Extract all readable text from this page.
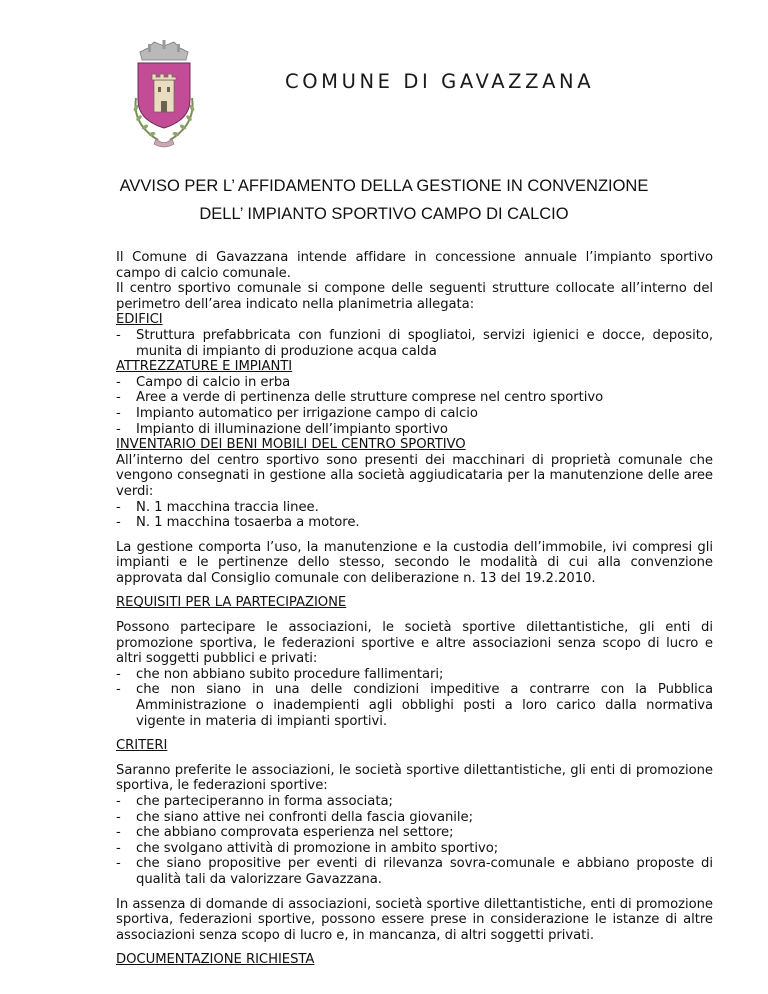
COMUNE DI GAVAZZANA
AVVISO PER L’ AFFIDAMENTO DELLA GESTIONE IN CONVENZIONE
DELL’ IMPIANTO SPORTIVO CAMPO DI CALCIO

Il Comune di Gavazzana intende affidare in concessione annuale l’impianto sportivo campo di calcio comunale.

Il centro sportivo comunale si compone delle seguenti strutture collocate all’interno del perimetro dell’area indicato nella planimetria allegata:

EDIFICI

- Struttura prefabbricata con funzioni di spogliatoi, servizi igienici e docce, deposito, munita di impianto di produzione acqua calda

ATTREZZATURE E IMPIANTI

- Campo di calcio in erba
- Aree a verde di pertinenza delle strutture comprese nel centro sportivo
- Impianto automatico per irrigazione campo di calcio
- Impianto di illuminazione dell’impianto sportivo

INVENTARIO DEI BENI MOBILI DEL CENTRO SPORTIVO

All’interno del centro sportivo sono presenti dei macchinari di proprietà comunale che vengono consegnati in gestione alla società aggiudicataria per la manutenzione delle aree verdi:

- N. 1 macchina traccia linee.
- N. 1 macchina tosaerba a motore.

La gestione comporta l’uso, la manutenzione e la custodia dell’immobile, ivi compresi gli impianti e le pertinenze dello stesso, secondo le modalità di cui alla convenzione approvata dal Consiglio comunale con deliberazione n. 13 del 19.2.2010.

REQUISITI PER LA PARTECIPAZIONE

Possono partecipare le associazioni, le società sportive dilettantistiche, gli enti di promozione sportiva, le federazioni sportive e altre associazioni senza scopo di lucro e altri soggetti pubblici e privati:

- che non abbiano subito procedure fallimentari;
- che non siano in una delle condizioni impeditive a contrarre con la Pubblica Amministrazione o inadempienti agli obblighi posti a loro carico dalla normativa vigente in materia di impianti sportivi.

CRITERI

Saranno preferite le associazioni, le società sportive dilettantistiche, gli enti di promozione sportiva, le federazioni sportive:

- che parteciperanno in forma associata;
- che siano attive nei confronti della fascia giovanile;
- che abbiano comprovata esperienza nel settore;
- che svolgano attività di promozione in ambito sportivo;
- che siano propositive per eventi di rilevanza sovra-comunale e abbiano proposte di qualità tali da valorizzare Gavazzana.

In assenza di domande di associazioni, società sportive dilettantistiche, enti di promozione sportiva, federazioni sportive, possono essere prese in considerazione le istanze di altre associazioni senza scopo di lucro e, in mancanza, di altri soggetti privati.

DOCUMENTAZIONE RICHIESTA
